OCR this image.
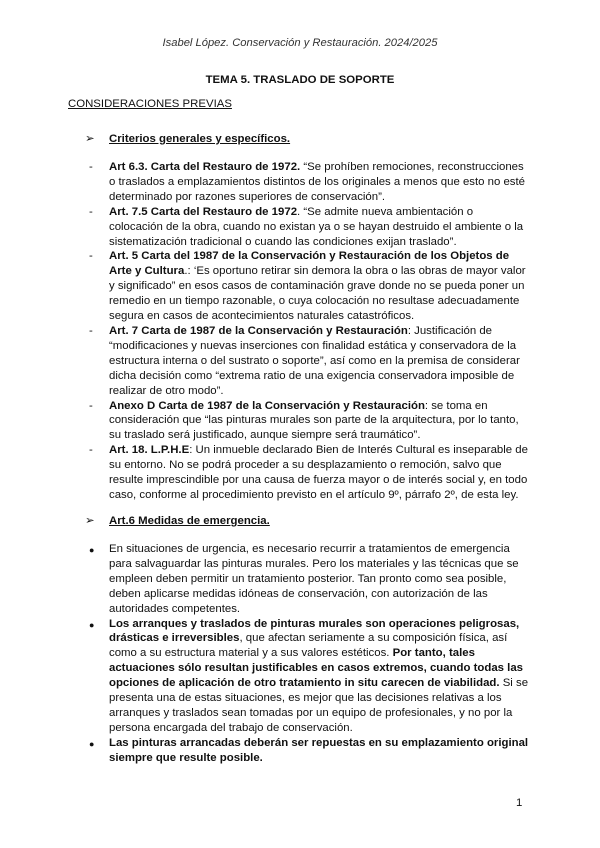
Isabel López. Conservación y Restauración. 2024/2025
TEMA 5. TRASLADO DE SOPORTE
CONSIDERACIONES PREVIAS
➢ Criterios generales y específicos.
- Art 6.3. Carta del Restauro de 1972. “Se prohíben remociones, reconstrucciones o traslados a emplazamientos distintos de los originales a menos que esto no esté determinado por razones superiores de conservación”.
- Art. 7.5 Carta del Restauro de 1972. “Se admite nueva ambientación o colocación de la obra, cuando no existan ya o se hayan destruido el ambiente o la sistematización tradicional o cuando las condiciones exijan traslado”.
- Art. 5 Carta del 1987 de la Conservación y Restauración de los Objetos de Arte y Cultura.: ‘Es oportuno retirar sin demora la obra o las obras de mayor valor y significado” en esos casos de contaminación grave donde no se pueda poner un remedio en un tiempo razonable, o cuya colocación no resultase adecuadamente segura en casos de acontecimientos naturales catastróficos.
- Art. 7 Carta de 1987 de la Conservación y Restauración: Justificación de “modificaciones y nuevas inserciones con finalidad estática y conservadora de la estructura interna o del sustrato o soporte”, así como en la premisa de considerar dicha decisión como “extrema ratio de una exigencia conservadora imposible de realizar de otro modo”.
- Anexo D Carta de 1987 de la Conservación y Restauración: se toma en consideración que “las pinturas murales son parte de la arquitectura, por lo tanto, su traslado será justificado, aunque siempre será traumático”.
- Art. 18. L.P.H.E: Un inmueble declarado Bien de Interés Cultural es inseparable de su entorno. No se podrá proceder a su desplazamiento o remoción, salvo que resulte imprescindible por una causa de fuerza mayor o de interés social y, en todo caso, conforme al procedimiento previsto en el artículo 9º, párrafo 2º, de esta ley.
➢ Art.6 Medidas de emergencia.
● En situaciones de urgencia, es necesario recurrir a tratamientos de emergencia para salvaguardar las pinturas murales. Pero los materiales y las técnicas que se empleen deben permitir un tratamiento posterior. Tan pronto como sea posible, deben aplicarse medidas idóneas de conservación, con autorización de las autoridades competentes.
● Los arranques y traslados de pinturas murales son operaciones peligrosas, drásticas e irreversibles, que afectan seriamente a su composición física, así como a su estructura material y a sus valores estéticos. Por tanto, tales actuaciones sólo resultan justificables en casos extremos, cuando todas las opciones de aplicación de otro tratamiento in situ carecen de viabilidad. Si se presenta una de estas situaciones, es mejor que las decisiones relativas a los arranques y traslados sean tomadas por un equipo de profesionales, y no por la persona encargada del trabajo de conservación.
● Las pinturas arrancadas deberán ser repuestas en su emplazamiento original siempre que resulte posible.
1
